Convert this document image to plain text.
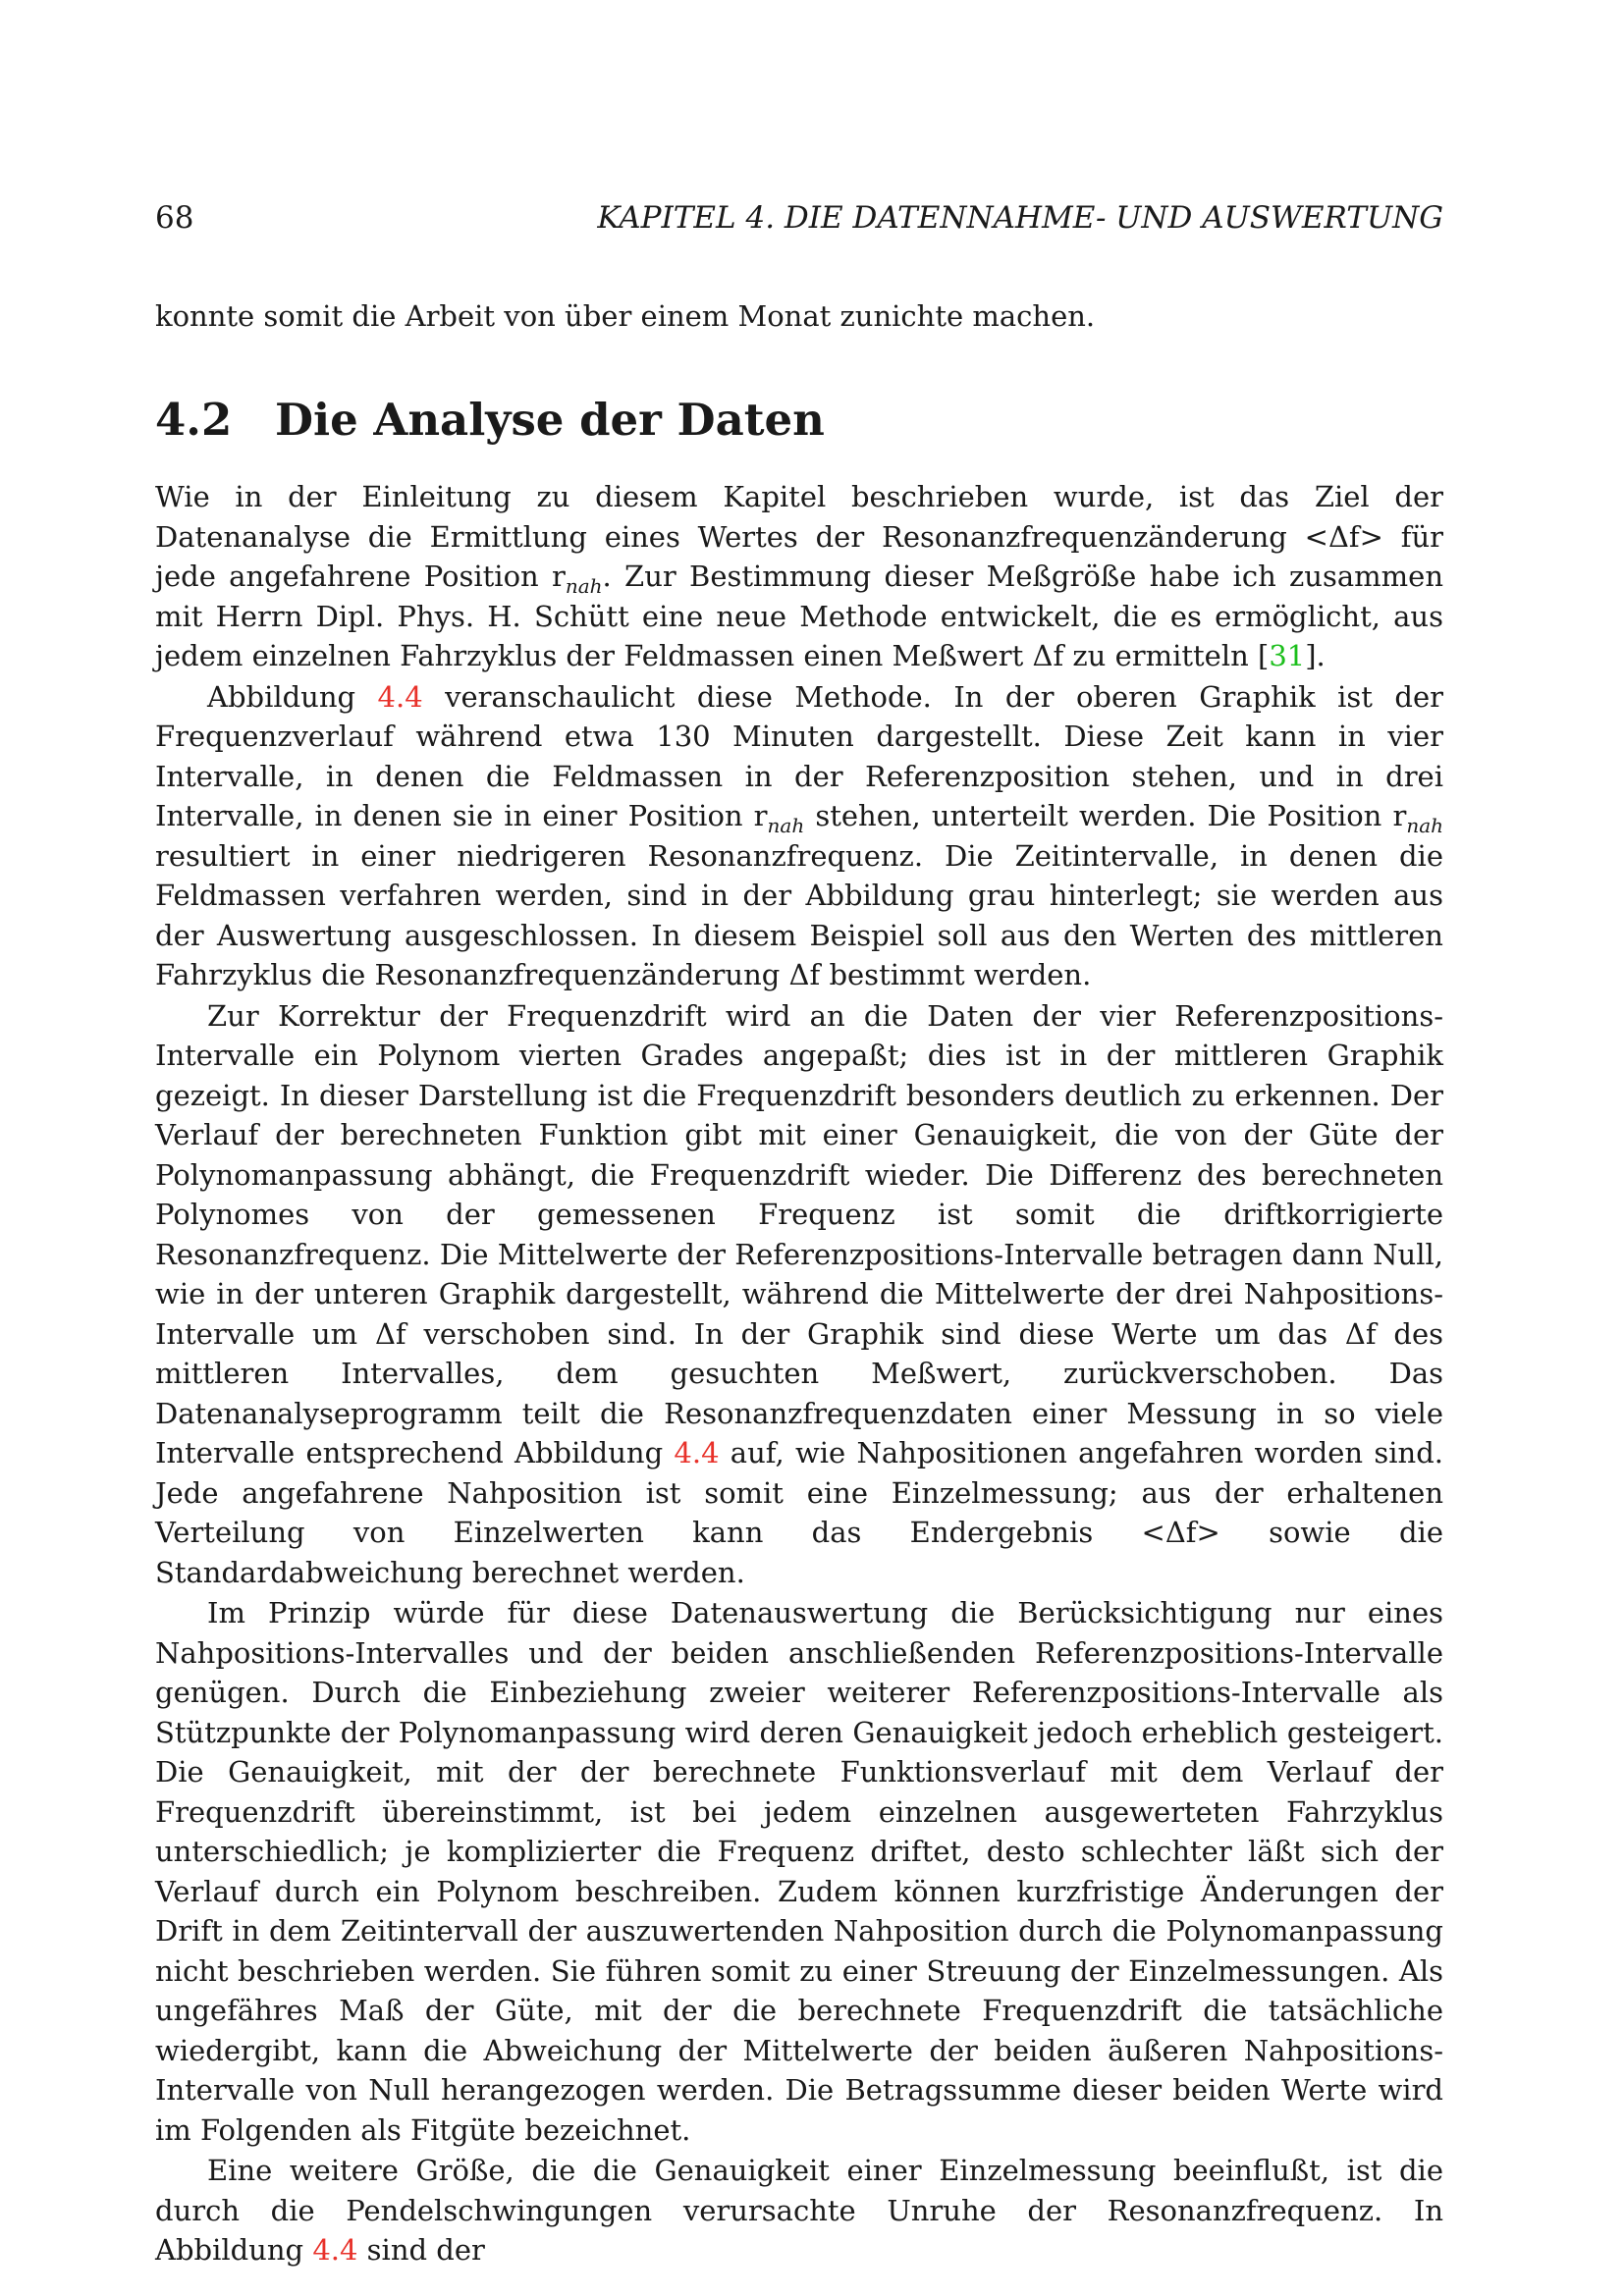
68	KAPITEL 4. DIE DATENNAHME- UND AUSWERTUNG

konnte somit die Arbeit von über einem Monat zunichte machen.

4.2 Die Analyse der Daten

Wie in der Einleitung zu diesem Kapitel beschrieben wurde, ist das Ziel der Datenanalyse die Ermittlung eines Wertes der Resonanzfrequenzänderung <Δf> für jede angefahrene Position $r_{nah}$. Zur Bestimmung dieser Meßgröße habe ich zusammen mit Herrn Dipl. Phys. H. Schütt eine neue Methode entwickelt, die es ermöglicht, aus jedem einzelnen Fahrzyklus der Feldmassen einen Meßwert Δf zu ermitteln [31].

Abbildung 4.4 veranschaulicht diese Methode. In der oberen Graphik ist der Frequenzverlauf während etwa 130 Minuten dargestellt. Diese Zeit kann in vier Intervalle, in denen die Feldmassen in der Referenzposition stehen, und in drei Intervalle, in denen sie in einer Position $r_{nah}$ stehen, unterteilt werden. Die Position $r_{nah}$ resultiert in einer niedrigeren Resonanzfrequenz. Die Zeitintervalle, in denen die Feldmassen verfahren werden, sind in der Abbildung grau hinterlegt; sie werden aus der Auswertung ausgeschlossen. In diesem Beispiel soll aus den Werten des mittleren Fahrzyklus die Resonanzfrequenzänderung Δf bestimmt werden.

Zur Korrektur der Frequenzdrift wird an die Daten der vier Referenzpositions-Intervalle ein Polynom vierten Grades angepaßt; dies ist in der mittleren Graphik gezeigt. In dieser Darstellung ist die Frequenzdrift besonders deutlich zu erkennen. Der Verlauf der berechneten Funktion gibt mit einer Genauigkeit, die von der Güte der Polynomanpassung abhängt, die Frequenzdrift wieder. Die Differenz des berechneten Polynomes von der gemessenen Frequenz ist somit die driftkorrigierte Resonanzfrequenz. Die Mittelwerte der Referenzpositions-Intervalle betragen dann Null, wie in der unteren Graphik dargestellt, während die Mittelwerte der drei Nahpositions-Intervalle um Δf verschoben sind. In der Graphik sind diese Werte um das Δf des mittleren Intervalles, dem gesuchten Meßwert, zurückverschoben. Das Datenanalyseprogramm teilt die Resonanzfrequenzdaten einer Messung in so viele Intervalle entsprechend Abbildung 4.4 auf, wie Nahpositionen angefahren worden sind. Jede angefahrene Nahposition ist somit eine Einzelmessung; aus der erhaltenen Verteilung von Einzelwerten kann das Endergebnis <Δf> sowie die Standardabweichung berechnet werden.

Im Prinzip würde für diese Datenauswertung die Berücksichtigung nur eines Nahpositions-Intervalles und der beiden anschließenden Referenzpositions-Intervalle genügen. Durch die Einbeziehung zweier weiterer Referenzpositions-Intervalle als Stützpunkte der Polynomanpassung wird deren Genauigkeit jedoch erheblich gesteigert. Die Genauigkeit, mit der der berechnete Funktionsverlauf mit dem Verlauf der Frequenzdrift übereinstimmt, ist bei jedem einzelnen ausgewerteten Fahrzyklus unterschiedlich; je komplizierter die Frequenz driftet, desto schlechter läßt sich der Verlauf durch ein Polynom beschreiben. Zudem können kurzfristige Änderungen der Drift in dem Zeitintervall der auszuwertenden Nahposition durch die Polynomanpassung nicht beschrieben werden. Sie führen somit zu einer Streuung der Einzelmessungen. Als ungefähres Maß der Güte, mit der die berechnete Frequenzdrift die tatsächliche wiedergibt, kann die Abweichung der Mittelwerte der beiden äußeren Nahpositions-Intervalle von Null herangezogen werden. Die Betragssumme dieser beiden Werte wird im Folgenden als Fitgüte bezeichnet.

Eine weitere Größe, die die Genauigkeit einer Einzelmessung beeinflußt, ist die durch die Pendelschwingungen verursachte Unruhe der Resonanzfrequenz. In Abbildung 4.4 sind der
